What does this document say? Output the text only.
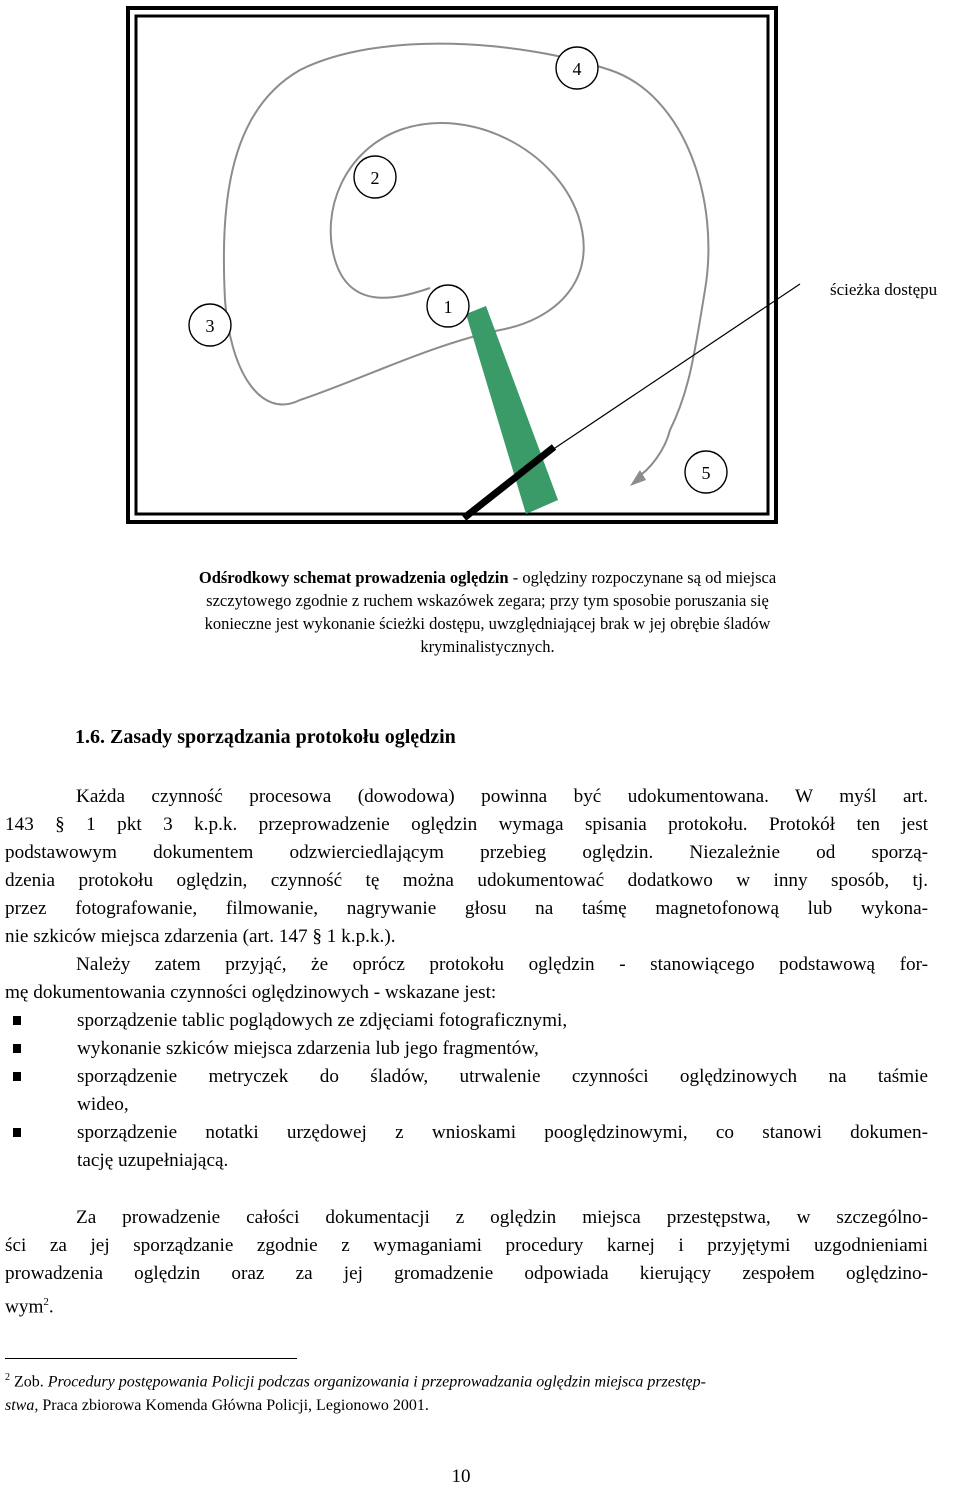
4
2
3
1
5
ścieżka dostępu
Odśrodkowy schemat prowadzenia oględzin - oględziny rozpoczynane są od miejsca
szczytowego zgodnie z ruchem wskazówek zegara; przy tym sposobie poruszania się
konieczne jest wykonanie ścieżki dostępu, uwzględniającej brak w jej obrębie śladów
kryminalistycznych.
1.6. Zasady sporządzania protokołu oględzin
Każda czynność procesowa (dowodowa) powinna być udokumentowana. W myśl art.
143 § 1 pkt 3 k.p.k. przeprowadzenie oględzin wymaga spisania protokołu. Protokół ten jest
podstawowym dokumentem odzwierciedlającym przebieg oględzin. Niezależnie od sporzą-
dzenia protokołu oględzin, czynność tę można udokumentować dodatkowo w inny sposób, tj.
przez fotografowanie, filmowanie, nagrywanie głosu na taśmę magnetofonową lub wykona-
nie szkiców miejsca zdarzenia (art. 147 § 1 k.p.k.).
Należy zatem przyjąć, że oprócz protokołu oględzin - stanowiącego podstawową for-
mę dokumentowania czynności oględzinowych - wskazane jest:
sporządzenie tablic poglądowych ze zdjęciami fotograficznymi,
wykonanie szkiców miejsca zdarzenia lub jego fragmentów,
sporządzenie metryczek do śladów, utrwalenie czynności oględzinowych na taśmie
wideo,
sporządzenie notatki urzędowej z wnioskami pooględzinowymi, co stanowi dokumen-
tację uzupełniającą.
Za prowadzenie całości dokumentacji z oględzin miejsca przestępstwa, w szczególno-
ści za jej sporządzanie zgodnie z wymaganiami procedury karnej i przyjętymi uzgodnieniami
prowadzenia oględzin oraz za jej gromadzenie odpowiada kierujący zespołem oględzino-
wym$^2$.
$^2$ Zob. Procedury postępowania Policji podczas organizowania i przeprowadzania oględzin miejsca przestęp-
stwa, Praca zbiorowa Komenda Główna Policji, Legionowo 2001.
10
